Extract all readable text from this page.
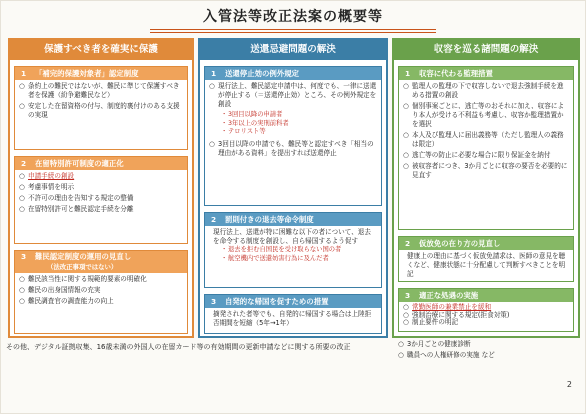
入管法等改正法案の概要等
保護すべき者を確実に保護
1 「補完的保護対象者」認定制度
○ 条約上の難民ではないが、難民に準じて保護すべき者を保護（紛争避難民など）
○ 安定した在留資格の付与、制度的裏付けのある支援の実現
2 在留特別許可制度の適正化
○ 申請手続の創設
○ 考慮事情を明示
○ 不許可の理由を告知する規定の整備
○ 在留特別許可と難民認定手続を分離
3 難民認定制度の運用の見直し
（法改正事項ではない）
○ 難民該当性に関する規範的要素の明確化
○ 難民の出身国情報の充実
○ 難民調査官の調査能力の向上
送還忌避問題の解決
1 送還停止効の例外規定
○ 現行法上、難民認定申請中は、何度でも、一律に送還が停止する（＝送還停止効）ところ、その例外規定を創設
・ 3回目以降の申請者
・ 3年以上の実刑前科者
・ テロリスト等
○ 3回目以降の申請でも、難民等と認定すべき「相当の理由がある資料」を提出すれば送還停止
2 罰則付きの退去等命令制度
現行法上、送還が特に困難な以下の者について、退去を命令する制度を創設し、自ら帰国するよう促す
・ 退去を拒む自国民を受け取らない国の者
・ 航空機内で送還妨害行為に及んだ者
3 自発的な帰国を促すための措置
摘発された者等でも、自発的に帰国する場合は上陸拒否期間を短縮（5年→1年）
収容を巡る諸問題の解決
1 収容に代わる監理措置
○ 監理人の監理の下で収容しないで退去強制手続を進める措置の創設
○ 個別事案ごとに、逃亡等のおそれに加え、収容により本人が受ける不利益も考慮し、収容か監理措置かを選択
○ 本人及び監理人に届出義務等（ただし監理人の義務は限定）
○ 逃亡等の防止に必要な場合に限り保証金を納付
○ 被収容者につき、3か月ごとに収容の要否を必要的に見直す
2 仮放免の在り方の見直し
健康上の理由に基づく仮放免請求は、医師の意見を聴くなど、健康状態に十分配慮して判断すべきことを明記
3 適正な処遇の実施
○ 常勤医師の兼業禁止を緩和
○ 強制治療に関する規定(拒食対策)
○ 制止要件の明記
○ 3か月ごとの健康診断
○ 職員への人権研修の実施 など
その他、デジタル証拠収集、16歳未満の外国人の在留カード等の有効期間の更新申請などに関する所要の改正
2
